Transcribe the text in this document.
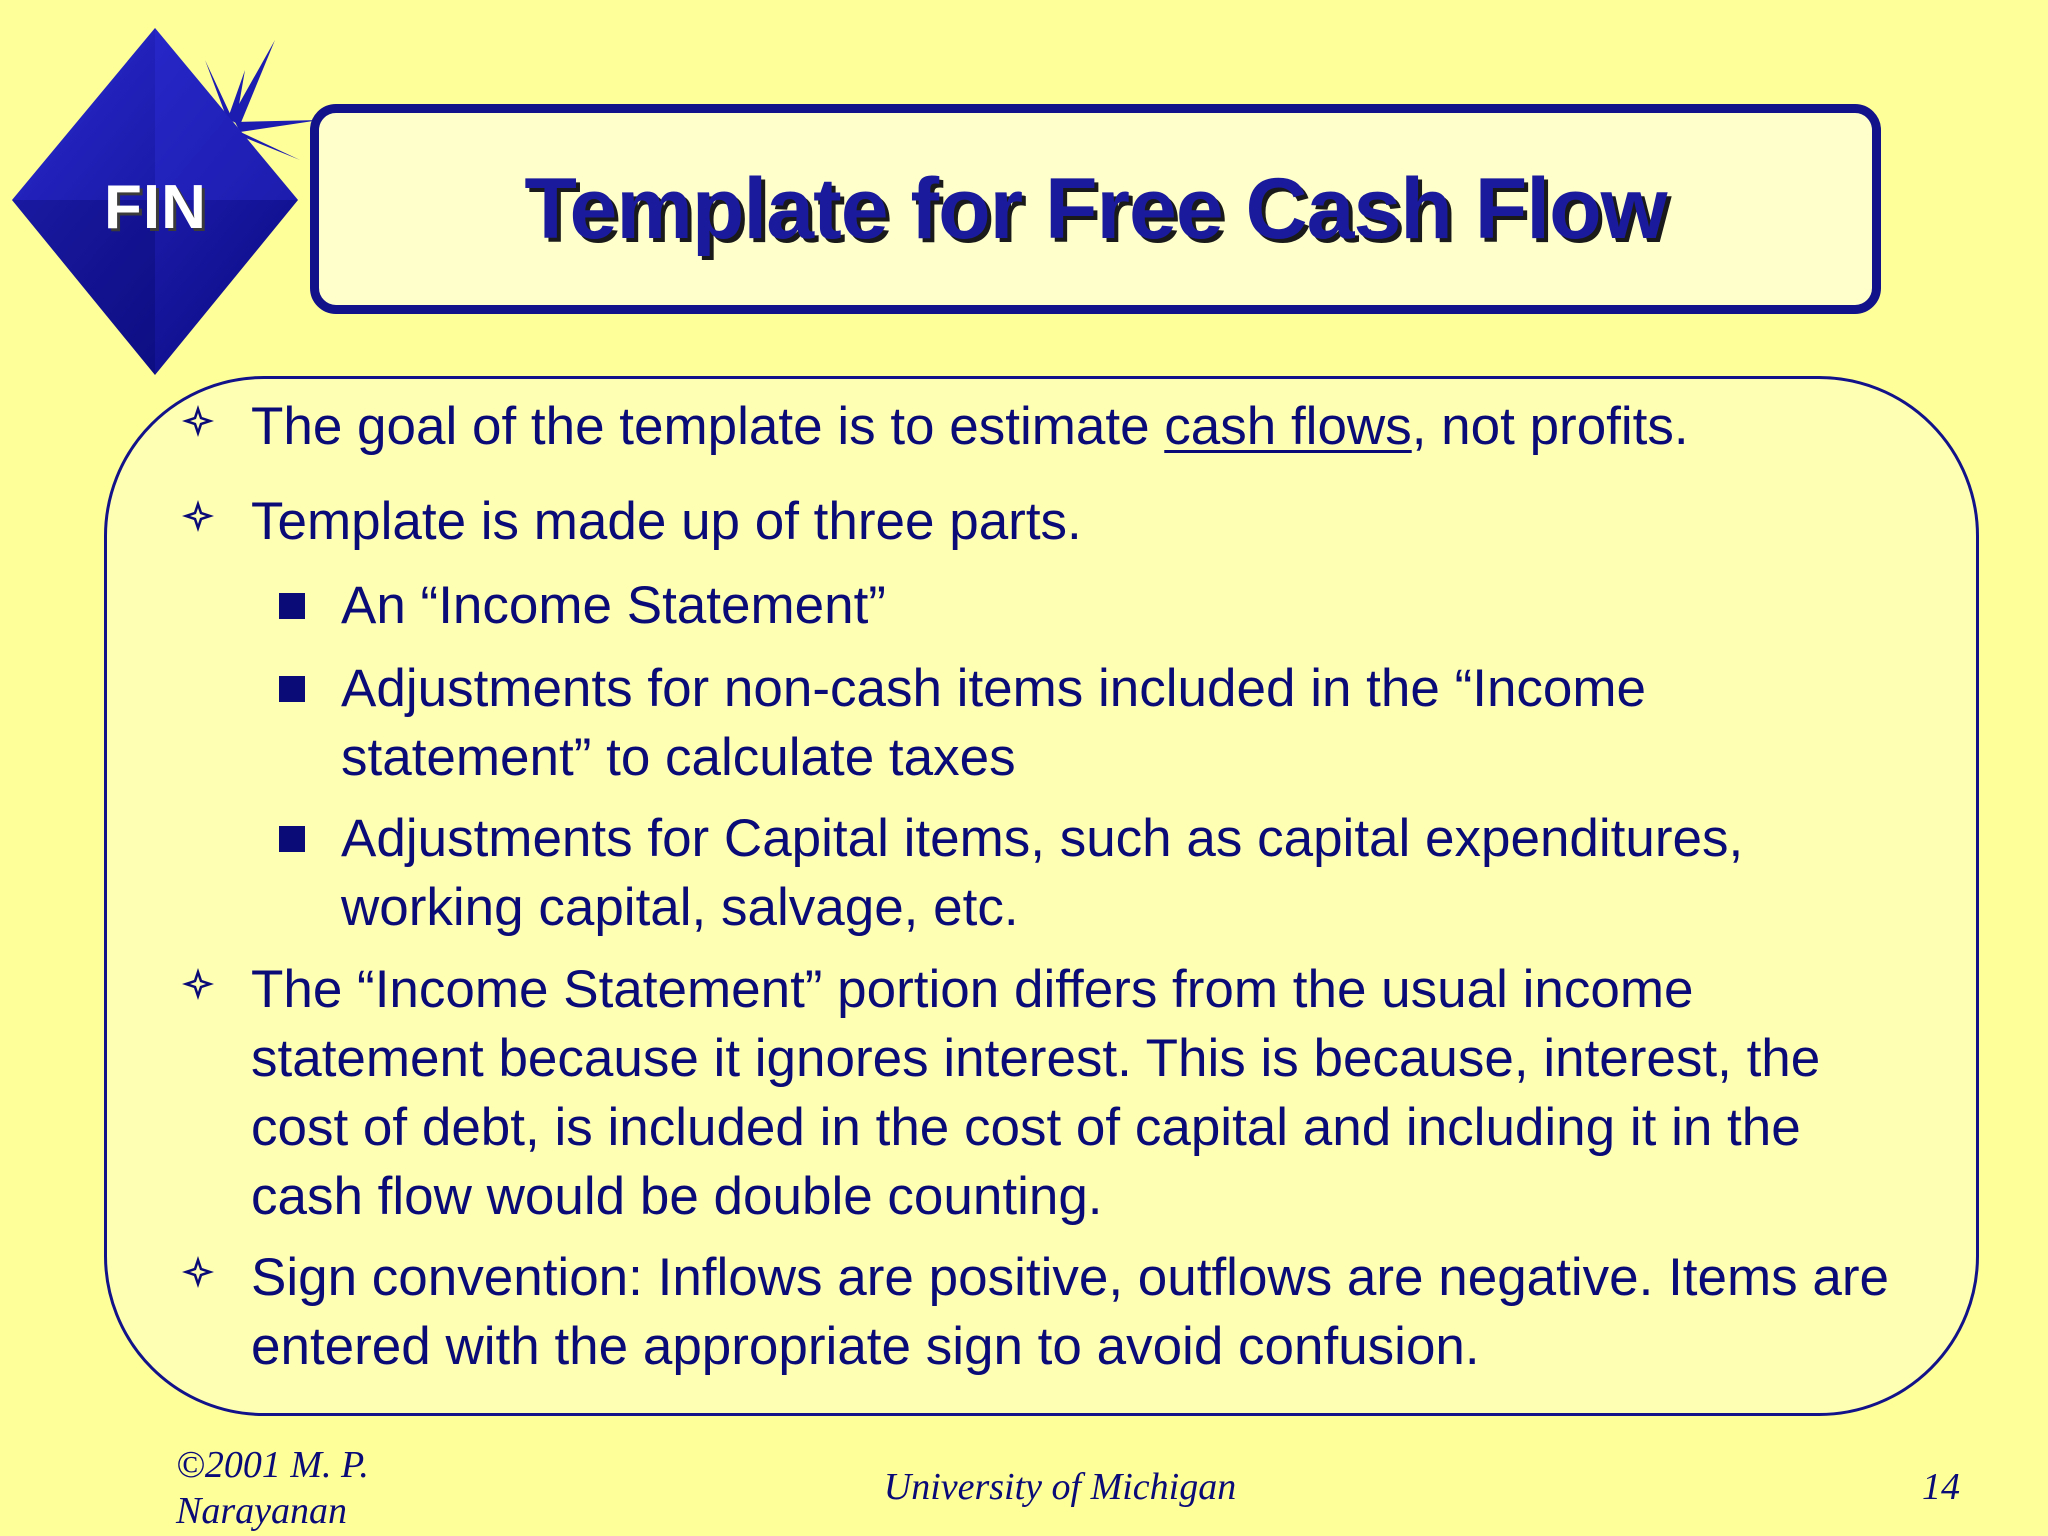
FIN	Template for Free Cash Flow
The goal of the template is to estimate cash flows, not profits.
Template is made up of three parts.
An “Income Statement”
Adjustments for non-cash items included in the “Income statement” to calculate taxes
Adjustments for Capital items, such as capital expenditures, working capital, salvage, etc.
The “Income Statement” portion differs from the usual income statement because it ignores interest. This is because, interest, the cost of debt, is included in the cost of capital and including it in the cash flow would be double counting.
Sign convention: Inflows are positive, outflows are negative. Items are entered with the appropriate sign to avoid confusion.
©2001 M. P. Narayanan
University of Michigan	14
